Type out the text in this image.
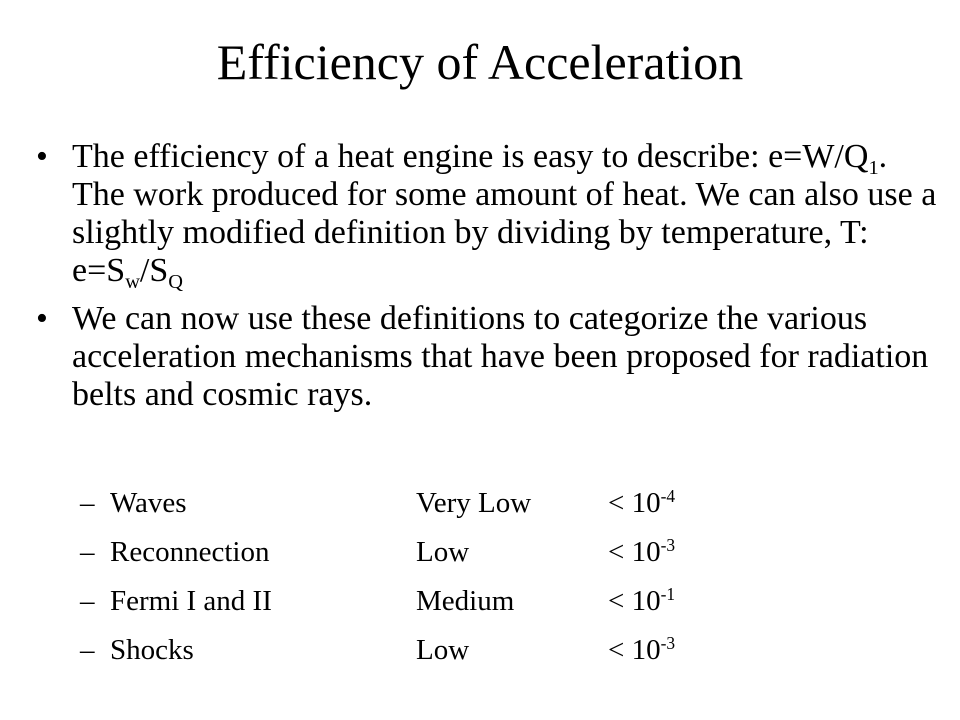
Efficiency of Acceleration
• The efficiency of a heat engine is easy to describe: $e=W/Q_1$. The work produced for some amount of heat. We can also use a slightly modified definition by dividing by temperature, T: $e=S_w/S_Q$
• We can now use these definitions to categorize the various acceleration mechanisms that have been proposed for radiation belts and cosmic rays.
–	Waves	Very Low	< $10^{-4}$
–	Reconnection	Low	< $10^{-3}$
–	Fermi I and II	Medium	< $10^{-1}$
–	Shocks	Low	< $10^{-3}$
